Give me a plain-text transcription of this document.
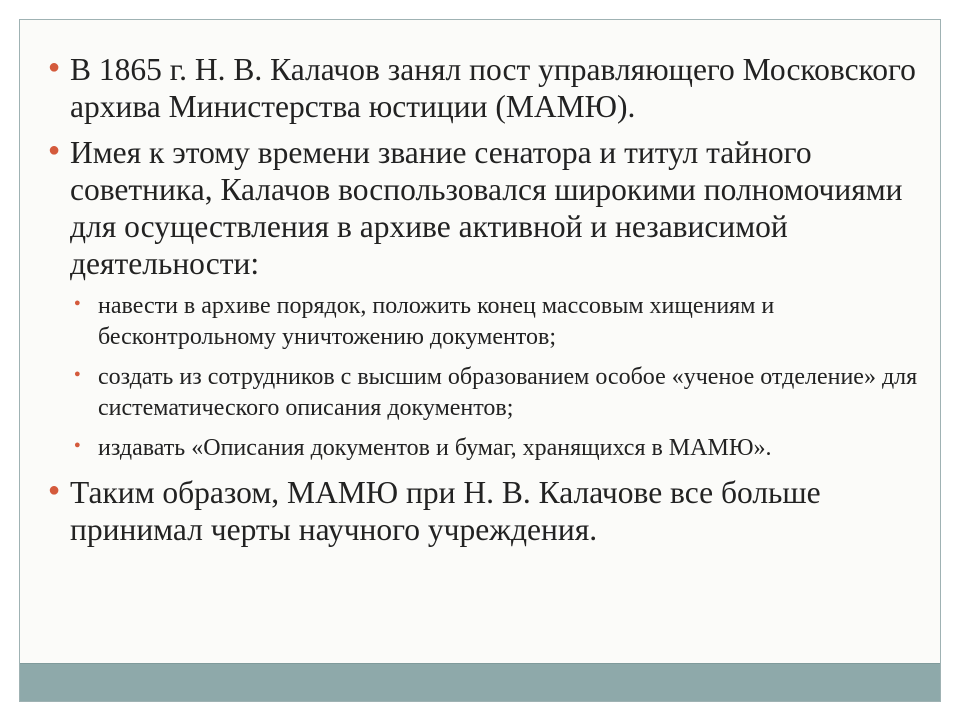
● В 1865 г. Н. В. Калачов занял пост управляющего Московского архива Министерства юстиции (МАМЮ).
● Имея к этому времени звание сенатора и титул тайного советника, Калачов воспользовался широкими полномочиями для осуществления в архиве активной и независимой деятельности:
● навести в архиве порядок, положить конец массовым хищениям и бесконтрольному уничтожению документов;
● создать из сотрудников с высшим образованием особое «ученое отделение» для систематического описания документов;
● издавать «Описания документов и бумаг, хранящихся в МАМЮ».
● Таким образом, МАМЮ при Н. В. Калачове все больше принимал черты научного учреждения.
